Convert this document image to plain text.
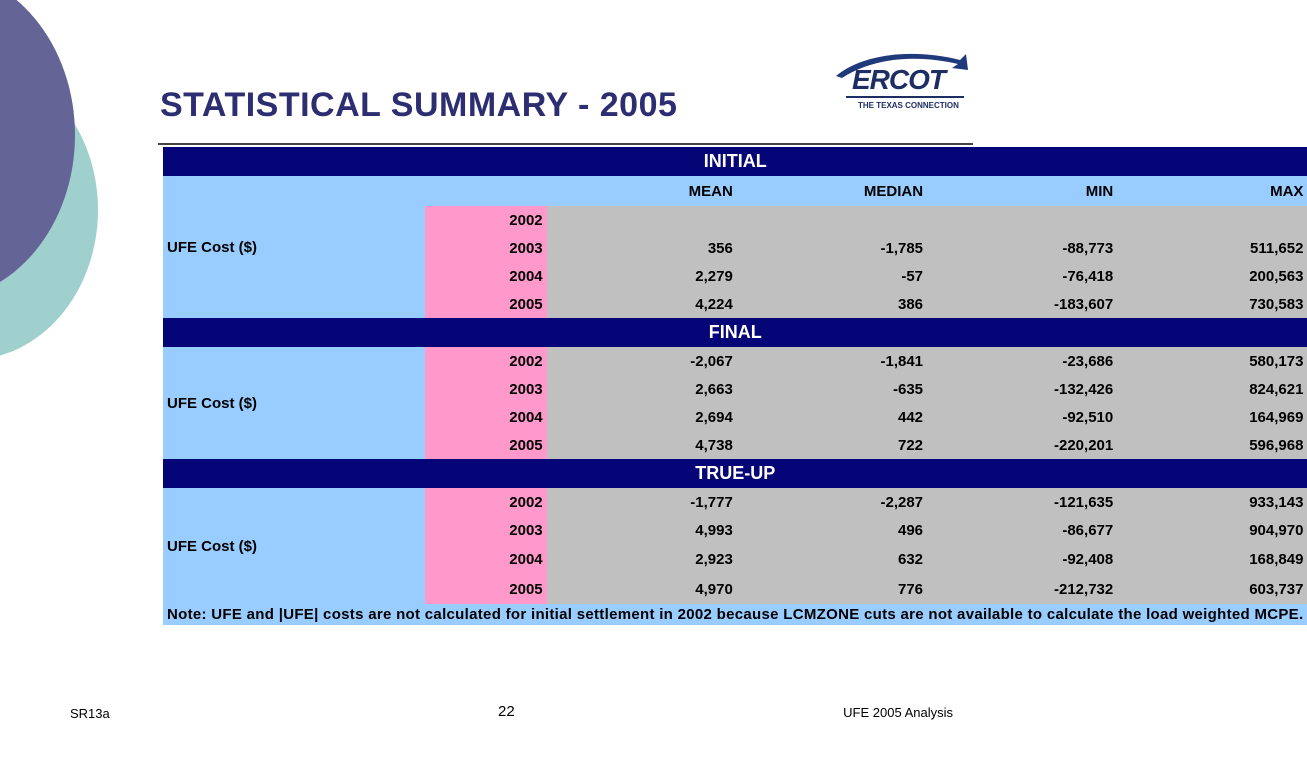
STATISTICAL SUMMARY - 2005
ERCOT
THE TEXAS CONNECTION
INITIAL					
UFE Cost ($)		MEAN	MEDIAN	MIN	MAX
	2002				
	2003	356	-1,785	-88,773	511,652
	2004	2,279	-57	-76,418	200,563
	2005	4,224	386	-183,607	730,583
FINAL					
UFE Cost ($)	2002	-2,067	-1,841	-23,686	580,173
	2003	2,663	-635	-132,426	824,621
	2004	2,694	442	-92,510	164,969
	2005	4,738	722	-220,201	596,968
TRUE-UP					
UFE Cost ($)	2002	-1,777	-2,287	-121,635	933,143
	2003	4,993	496	-86,677	904,970
	2004	2,923	632	-92,408	168,849
	2005	4,970	776	-212,732	603,737
Note: UFE and |UFE| costs are not calculated for initial settlement in 2002 because LCMZONE cuts are not available to calculate the load weighted MCPE.					
SR13a	22	UFE 2005 Analysis
